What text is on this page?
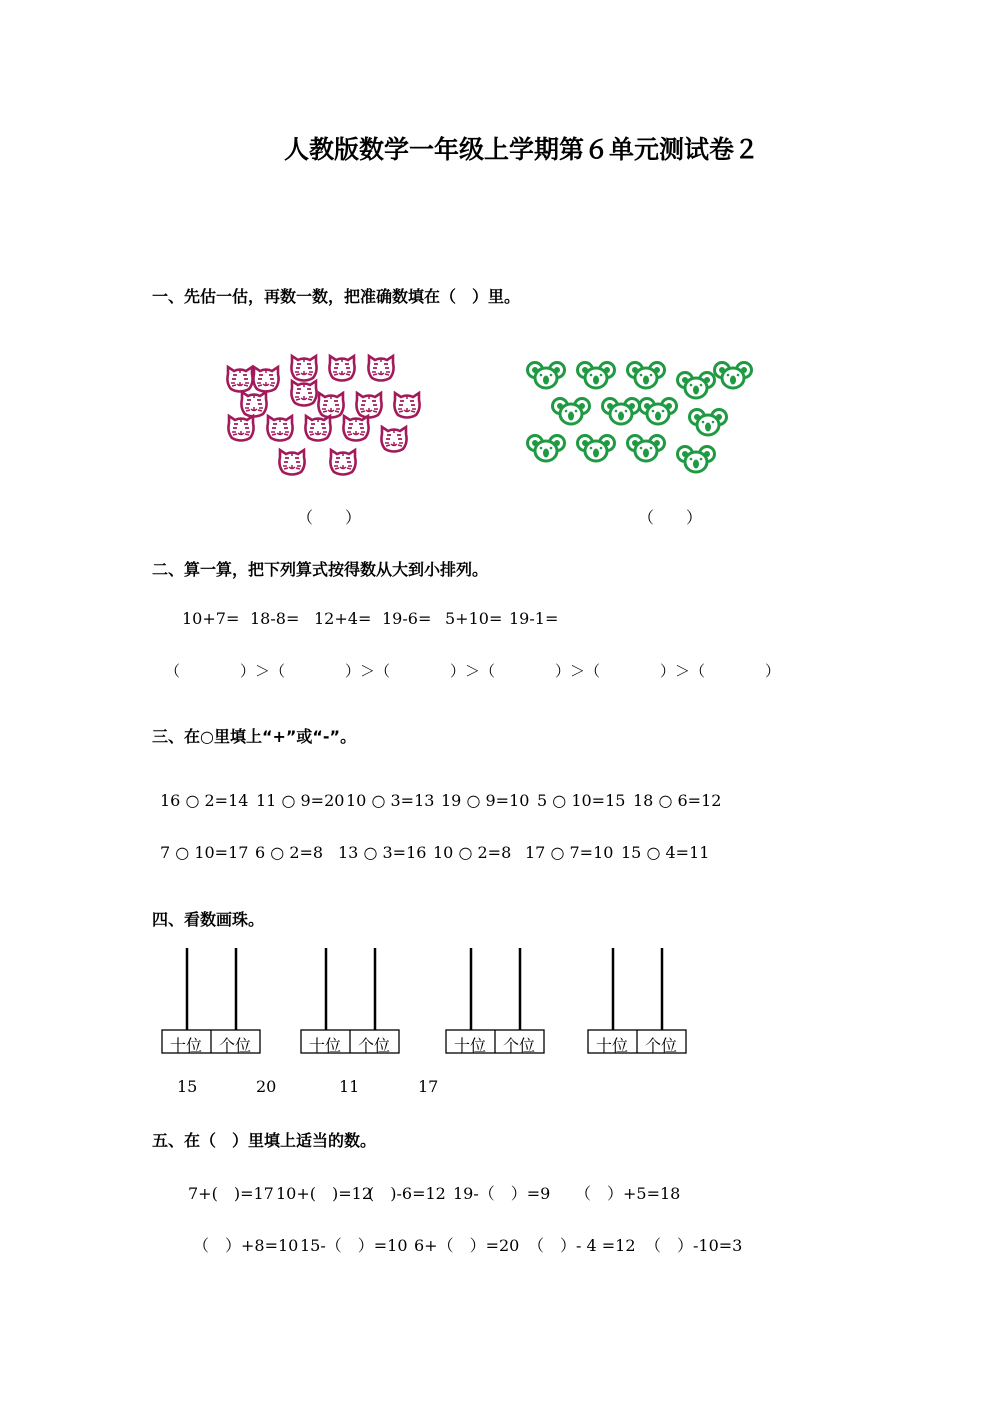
人教版数学一年级上学期第６单元测试卷２
一、先估一估，再数一数，把准确数填在（　）里。
（　　）	（　　）
二、算一算，把下列算式按得数从大到小排列。
10+7= 18-8= 12+4= 19-6= 5+10= 19-1=
（　　　　）＞（　　　　）＞（　　　　）＞（　　　　）＞（　　　　）＞（　　　　）
三、在○里填上“+”或“-”。
16 ○ 2=14 11 ○ 9=20 10 ○ 3=13 19 ○ 9=10 5 ○ 10=15 18 ○ 6=12
7 ○ 10=17 6 ○ 2=8 13 ○ 3=16 10 ○ 2=8 17 ○ 7=10 15 ○ 4=11
四、看数画珠。
十位 个位	十位 个位	十位 个位	十位 个位
15	20	11	17
五、在（　）里填上适当的数。
7+(　)=17 10+(　)=12
(　)-6=12 19-（　）=9 （　）+5=18
（　）+8=10 15-（　）=10 6+（　）=20 （　）- 4 =12 （　）-10=3
